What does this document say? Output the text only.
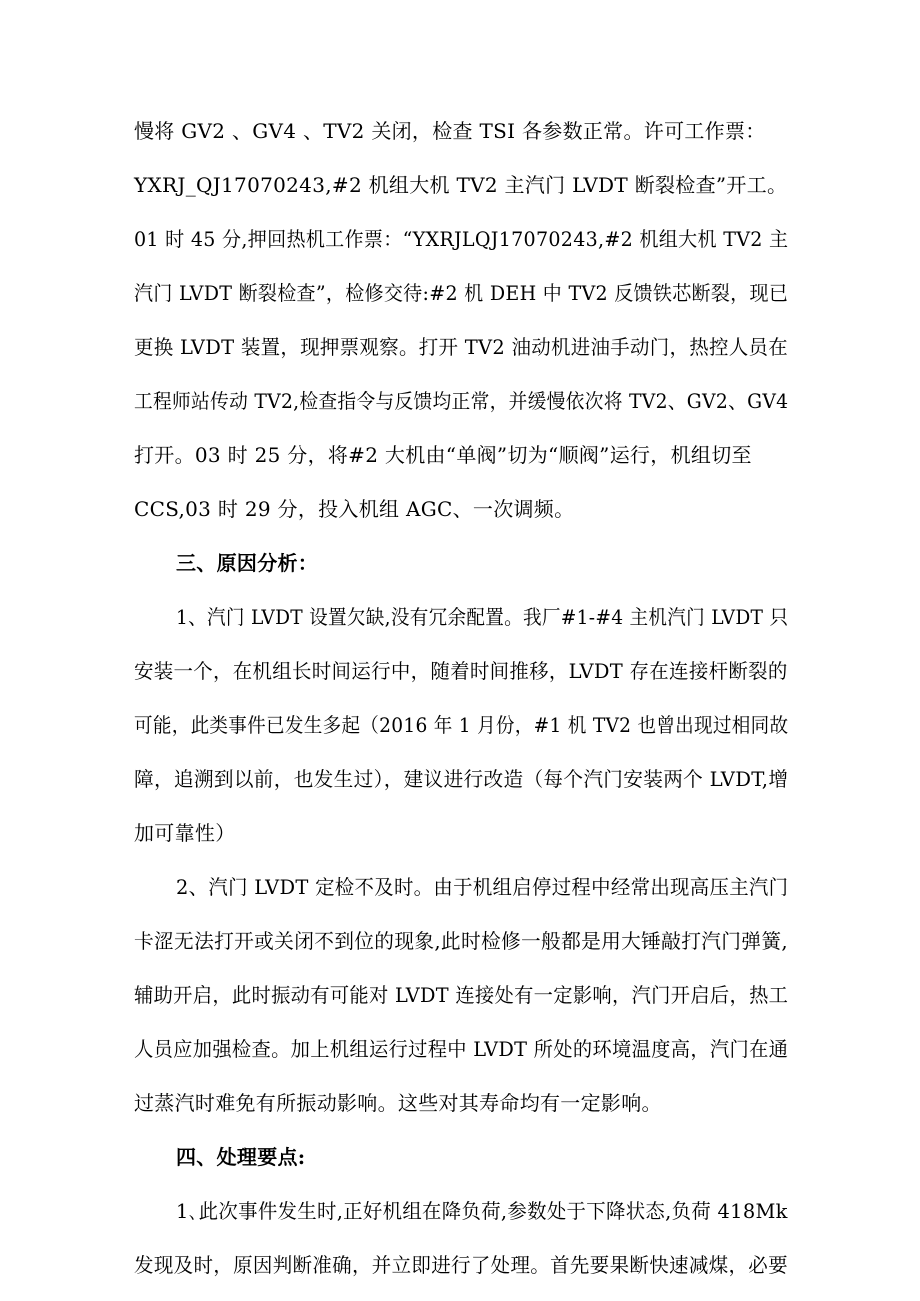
慢将 GV2 、GV4 、TV2 关闭，检查 TSI 各参数正常。许可工作票：
YXRJ_QJ17070243,#2 机组大机 TV2 主汽门 LVDT 断裂检查”开工。
01 时 45 分,押回热机工作票：“YXRJLQJ17070243,#2 机组大机 TV2 主
汽门 LVDT 断裂检查”，检修交待:#2 机 DEH 中 TV2 反馈铁芯断裂，现已
更换 LVDT 装置，现押票观察。打开 TV2 油动机进油手动门，热控人员在
工程师站传动 TV2,检查指令与反馈均正常，并缓慢依次将 TV2、GV2、GV4
打开。03 时 25 分，将#2 大机由“单阀”切为“顺阀”运行，机组切至
CCS,03 时 29 分，投入机组 AGC、一次调频。
三、原因分析：
1、汽门 LVDT 设置欠缺,没有冗余配置。我厂#1-#4 主机汽门 LVDT 只
安装一个，在机组长时间运行中，随着时间推移，LVDT 存在连接杆断裂的
可能，此类事件已发生多起（2016 年 1 月份，#1 机 TV2 也曾出现过相同故
障，追溯到以前，也发生过），建议进行改造（每个汽门安装两个 LVDT,增
加可靠性）
2、汽门 LVDT 定检不及时。由于机组启停过程中经常出现高压主汽门
卡涩无法打开或关闭不到位的现象,此时检修一般都是用大锤敲打汽门弹簧,
辅助开启，此时振动有可能对 LVDT 连接处有一定影响，汽门开启后，热工
人员应加强检查。加上机组运行过程中 LVDT 所处的环境温度高，汽门在通
过蒸汽时难免有所振动影响。这些对其寿命均有一定影响。
四、处理要点:
1､此次事件发生时,正好机组在降负荷,参数处于下降状态,负荷 418Mk
发现及时，原因判断准确，并立即进行了处理。首先要果断快速减煤，必要
